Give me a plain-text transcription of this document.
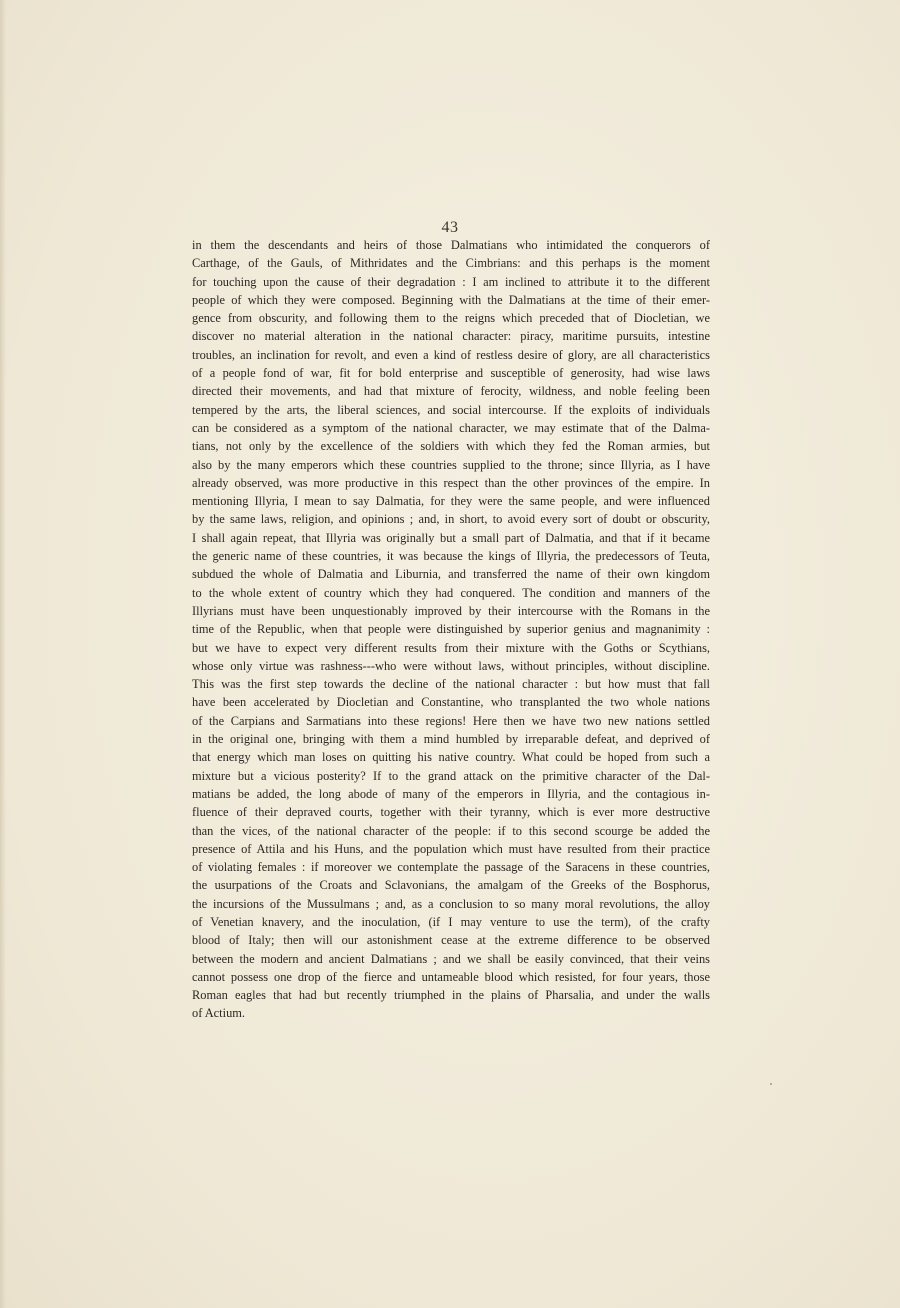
43
in them the descendants and heirs of those Dalmatians who intimidated the conquerors of
Carthage, of the Gauls, of Mithridates and the Cimbrians: and this perhaps is the moment
for touching upon the cause of their degradation : I am inclined to attribute it to the different
people of which they were composed. Beginning with the Dalmatians at the time of their emer-
gence from obscurity, and following them to the reigns which preceded that of Diocletian, we
discover no material alteration in the national character: piracy, maritime pursuits, intestine
troubles, an inclination for revolt, and even a kind of restless desire of glory, are all characteristics
of a people fond of war, fit for bold enterprise and susceptible of generosity, had wise laws
directed their movements, and had that mixture of ferocity, wildness, and noble feeling been
tempered by the arts, the liberal sciences, and social intercourse. If the exploits of individuals
can be considered as a symptom of the national character, we may estimate that of the Dalma-
tians, not only by the excellence of the soldiers with which they fed the Roman armies, but
also by the many emperors which these countries supplied to the throne; since Illyria, as I have
already observed, was more productive in this respect than the other provinces of the empire. In
mentioning Illyria, I mean to say Dalmatia, for they were the same people, and were influenced
by the same laws, religion, and opinions ; and, in short, to avoid every sort of doubt or obscurity,
I shall again repeat, that Illyria was originally but a small part of Dalmatia, and that if it became
the generic name of these countries, it was because the kings of Illyria, the predecessors of Teuta,
subdued the whole of Dalmatia and Liburnia, and transferred the name of their own kingdom
to the whole extent of country which they had conquered. The condition and manners of the
Illyrians must have been unquestionably improved by their intercourse with the Romans in the
time of the Republic, when that people were distinguished by superior genius and magnanimity :
but we have to expect very different results from their mixture with the Goths or Scythians,
whose only virtue was rashness---who were without laws, without principles, without discipline.
This was the first step towards the decline of the national character : but how must that fall
have been accelerated by Diocletian and Constantine, who transplanted the two whole nations
of the Carpians and Sarmatians into these regions! Here then we have two new nations settled
in the original one, bringing with them a mind humbled by irreparable defeat, and deprived of
that energy which man loses on quitting his native country. What could be hoped from such a
mixture but a vicious posterity? If to the grand attack on the primitive character of the Dal-
matians be added, the long abode of many of the emperors in Illyria, and the contagious in-
fluence of their depraved courts, together with their tyranny, which is ever more destructive
than the vices, of the national character of the people: if to this second scourge be added the
presence of Attila and his Huns, and the population which must have resulted from their practice
of violating females : if moreover we contemplate the passage of the Saracens in these countries,
the usurpations of the Croats and Sclavonians, the amalgam of the Greeks of the Bosphorus,
the incursions of the Mussulmans ; and, as a conclusion to so many moral revolutions, the alloy
of Venetian knavery, and the inoculation, (if I may venture to use the term), of the crafty
blood of Italy; then will our astonishment cease at the extreme difference to be observed
between the modern and ancient Dalmatians ; and we shall be easily convinced, that their veins
cannot possess one drop of the fierce and untameable blood which resisted, for four years, those
Roman eagles that had but recently triumphed in the plains of Pharsalia, and under the walls
of Actium.
